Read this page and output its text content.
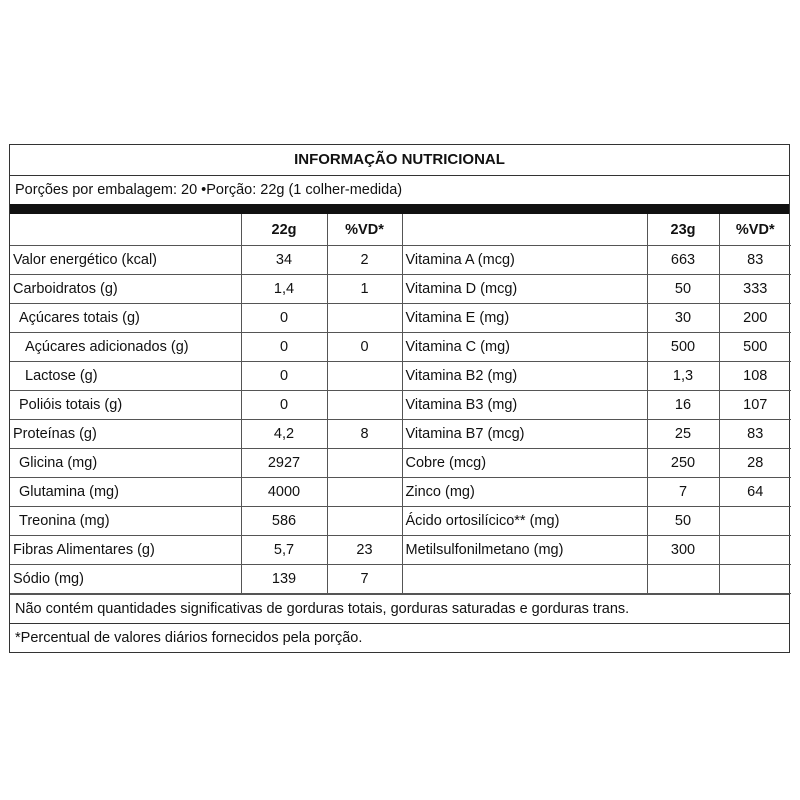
INFORMAÇÃO NUTRICIONAL
Porções por embalagem: 20 •Porção: 22g (1 colher-medida)
	22g	%VD*		23g	%VD*
Valor energético (kcal)	34	2	Vitamina A (mcg)	663	83
Carboidratos (g)	1,4	1	Vitamina D (mcg)	50	333
Açúcares totais (g)	0		Vitamina E (mg)	30	200
Açúcares adicionados (g)	0	0	Vitamina C (mg)	500	500
Lactose (g)	0		Vitamina B2 (mg)	1,3	108
Polióis totais (g)	0		Vitamina B3 (mg)	16	107
Proteínas (g)	4,2	8	Vitamina B7 (mcg)	25	83
Glicina (mg)	2927		Cobre (mcg)	250	28
Glutamina (mg)	4000		Zinco (mg)	7	64
Treonina (mg)	586		Ácido ortosilícico** (mg)	50	
Fibras Alimentares (g)	5,7	23	Metilsulfonilmetano (mg)	300	
Sódio (mg)	139	7			
Não contém quantidades significativas de gorduras totais, gorduras saturadas e gorduras trans.
*Percentual de valores diários fornecidos pela porção.
